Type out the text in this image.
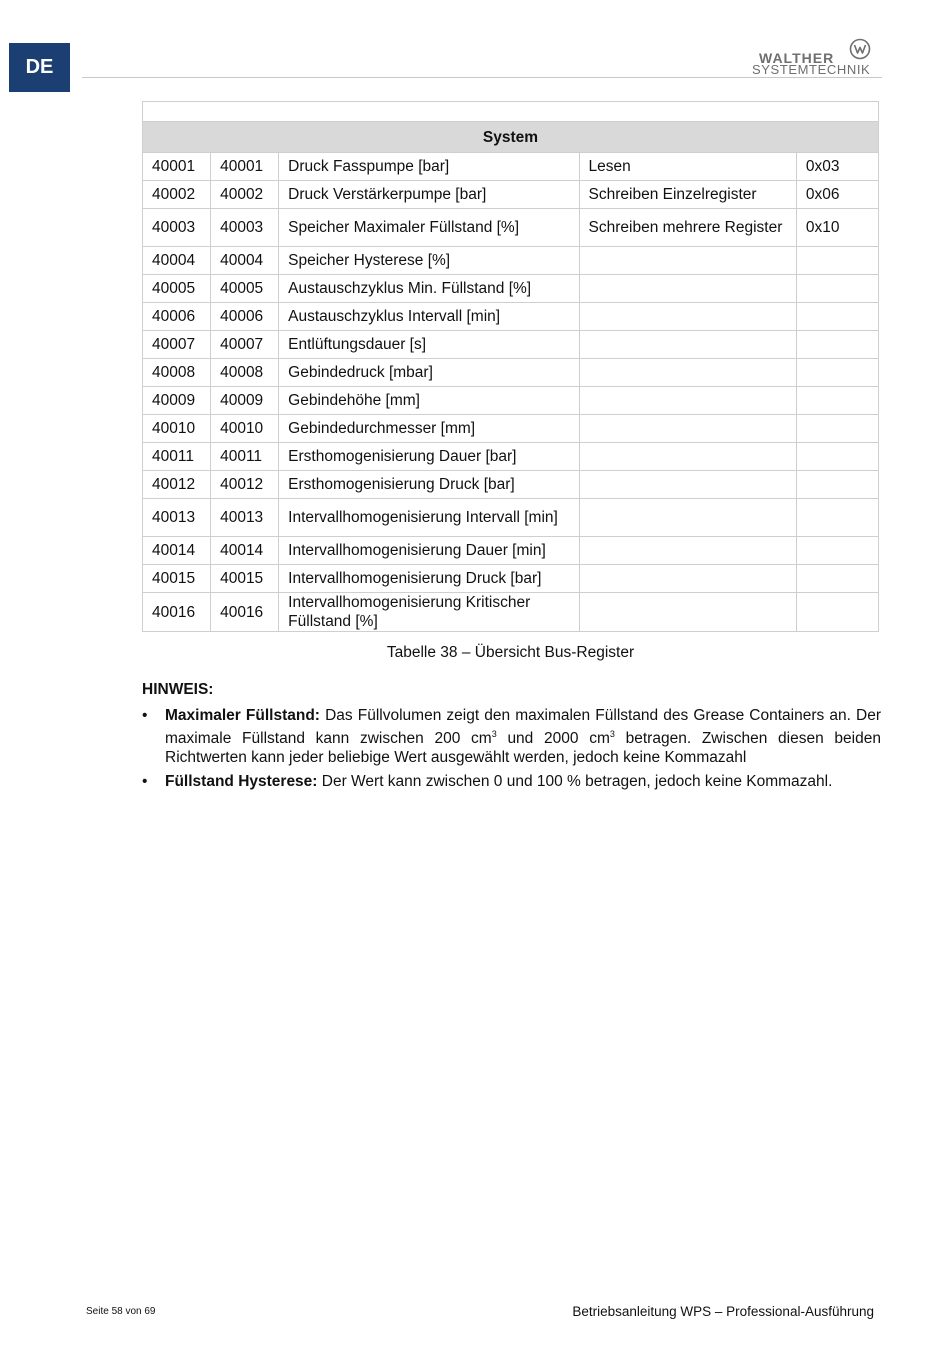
DE	WALTHER
SYSTEMTECHNIK

System				
40001	40001	Druck Fasspumpe [bar]	Lesen	0x03
40002	40002	Druck Verstärkerpumpe [bar]	Schreiben Einzelregister	0x06
40003	40003	Speicher Maximaler Füllstand [%]	Schreiben mehrere Register	0x10
40004	40004	Speicher Hysterese [%]		
40005	40005	Austauschzyklus Min. Füllstand [%]		
40006	40006	Austauschzyklus Intervall [min]		
40007	40007	Entlüftungsdauer [s]		
40008	40008	Gebindedruck [mbar]		
40009	40009	Gebindehöhe [mm]		
40010	40010	Gebindedurchmesser [mm]		
40011	40011	Ersthomogenisierung Dauer [bar]		
40012	40012	Ersthomogenisierung Druck [bar]		
40013	40013	Intervallhomogenisierung Intervall [min]		
40014	40014	Intervallhomogenisierung Dauer [min]		
40015	40015	Intervallhomogenisierung Druck [bar]		
40016	40016	Intervallhomogenisierung Kritischer Füllstand [%]		
Tabelle 38 – Übersicht Bus-Register
HINWEIS:
• Maximaler Füllstand: Das Füllvolumen zeigt den maximalen Füllstand des Grease Containers an. Der maximale Füllstand kann zwischen 200 $cm^3$ und 2000 $cm^3$ betragen. Zwischen diesen beiden Richtwerten kann jeder beliebige Wert ausgewählt werden, jedoch keine Kommazahl
• Füllstand Hysterese: Der Wert kann zwischen 0 und 100 % betragen, jedoch keine Kommazahl.
Seite 58 von 69	Betriebsanleitung WPS – Professional-Ausführung
